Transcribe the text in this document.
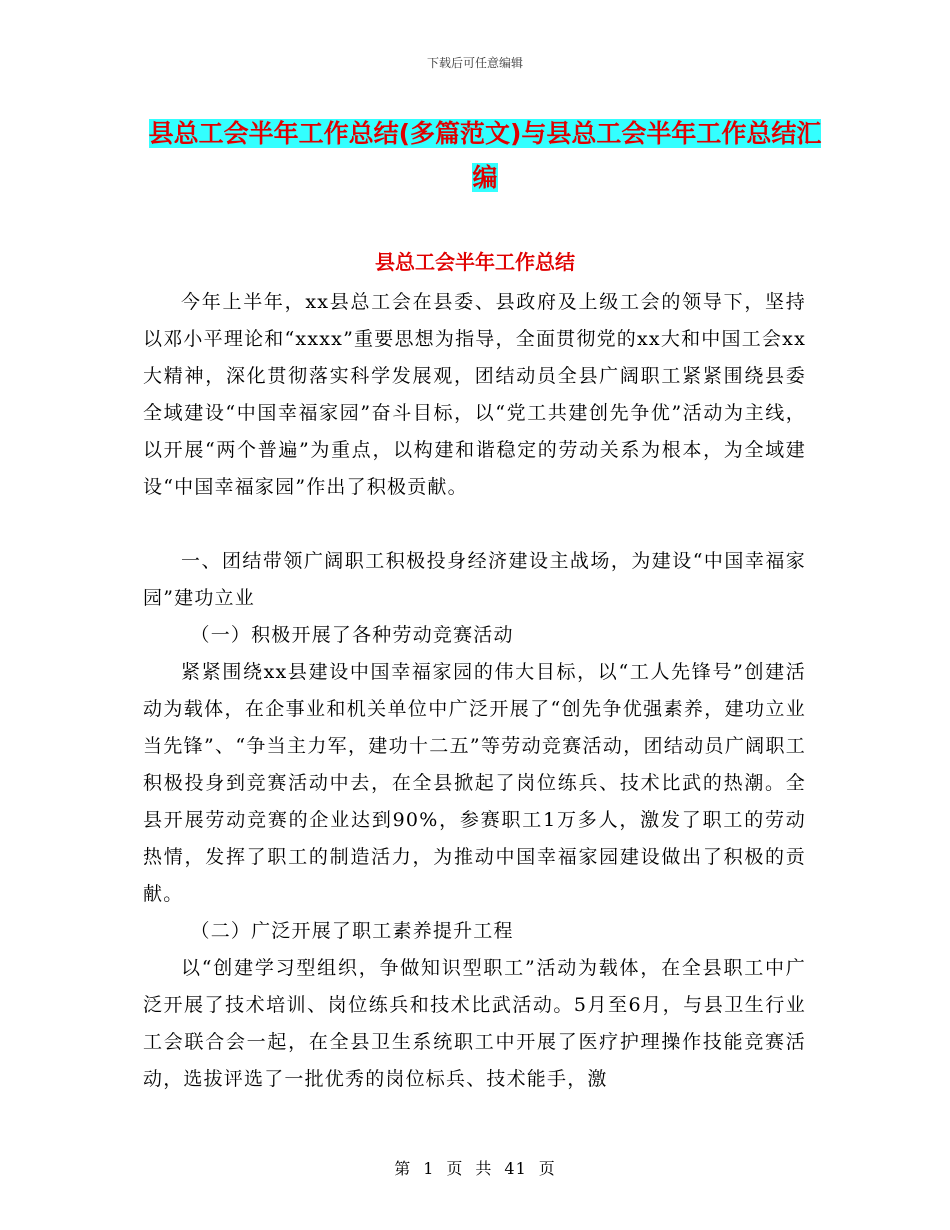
下载后可任意编辑
县总工会半年工作总结(多篇范文)与县总工会半年工作总结汇编
县总工会半年工作总结

今年上半年，xx县总工会在县委、县政府及上级工会的领导下，坚持以邓小平理论和“xxxx”重要思想为指导，全面贯彻党的xx大和中国工会xx大精神，深化贯彻落实科学发展观，团结动员全县广阔职工紧紧围绕县委全域建设“中国幸福家园”奋斗目标，以“党工共建创先争优”活动为主线，以开展“两个普遍”为重点，以构建和谐稳定的劳动关系为根本，为全域建设“中国幸福家园”作出了积极贡献。

一、团结带领广阔职工积极投身经济建设主战场，为建设“中国幸福家园”建功立业

（一）积极开展了各种劳动竞赛活动

紧紧围绕xx县建设中国幸福家园的伟大目标，以“工人先锋号”创建活动为载体，在企事业和机关单位中广泛开展了“创先争优强素养，建功立业当先锋”、“争当主力军，建功十二五”等劳动竞赛活动，团结动员广阔职工积极投身到竞赛活动中去，在全县掀起了岗位练兵、技术比武的热潮。全县开展劳动竞赛的企业达到90%，参赛职工1万多人，激发了职工的劳动热情，发挥了职工的制造活力，为推动中国幸福家园建设做出了积极的贡献。

（二）广泛开展了职工素养提升工程

以“创建学习型组织，争做知识型职工”活动为载体，在全县职工中广泛开展了技术培训、岗位练兵和技术比武活动。5月至6月，与县卫生行业工会联合会一起，在全县卫生系统职工中开展了医疗护理操作技能竞赛活动，选拔评选了一批优秀的岗位标兵、技术能手，激

第 1 页 共 41 页
